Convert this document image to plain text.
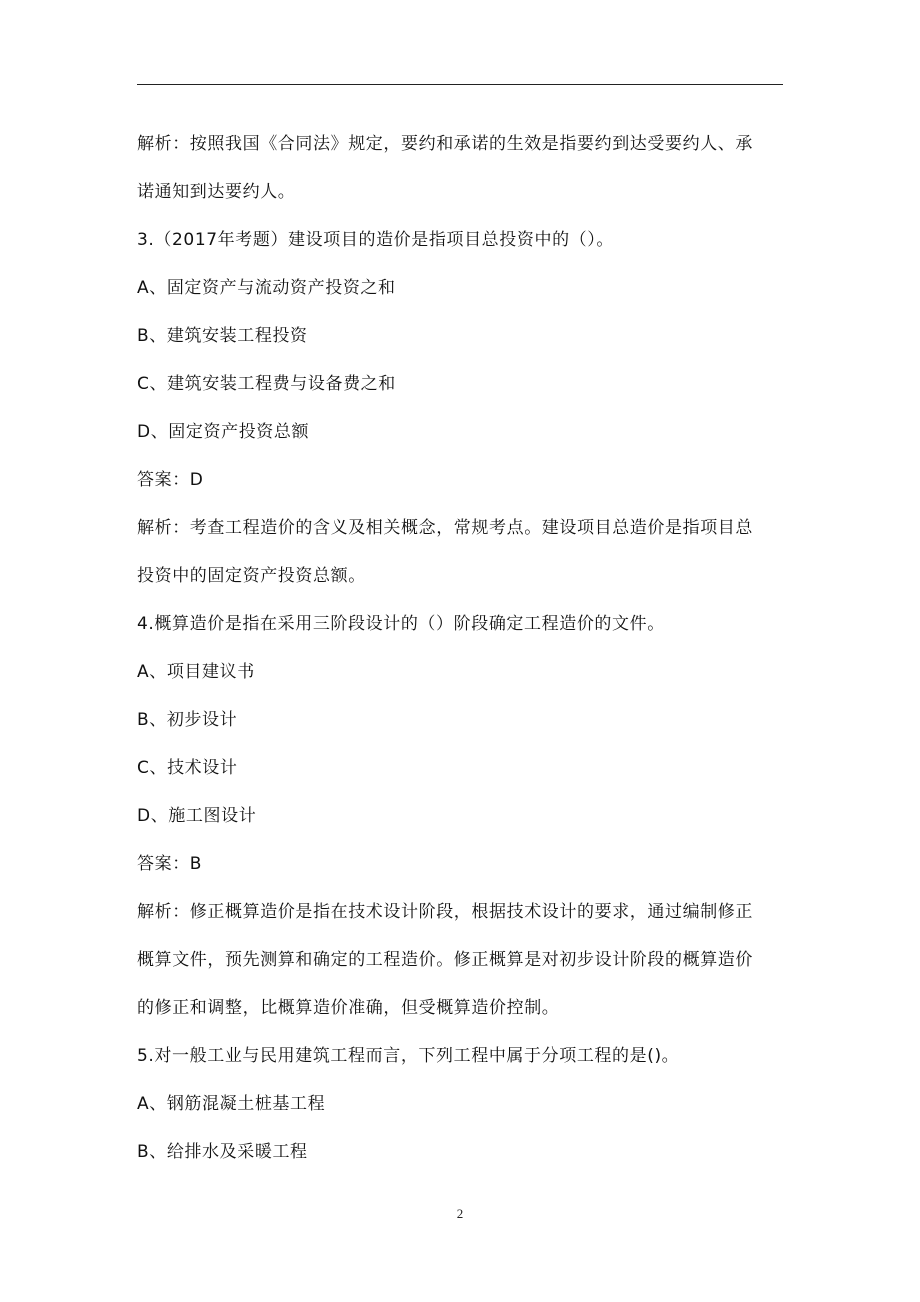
解析：按照我国《合同法》规定，要约和承诺的生效是指要约到达受要约人、承
诺通知到达要约人。
3.（2017年考题）建设项目的造价是指项目总投资中的（）。
A、固定资产与流动资产投资之和
B、建筑安装工程投资
C、建筑安装工程费与设备费之和
D、固定资产投资总额
答案：D
解析：考查工程造价的含义及相关概念，常规考点。建设项目总造价是指项目总
投资中的固定资产投资总额。
4.概算造价是指在采用三阶段设计的（）阶段确定工程造价的文件。
A、项目建议书
B、初步设计
C、技术设计
D、施工图设计
答案：B
解析：修正概算造价是指在技术设计阶段，根据技术设计的要求，通过编制修正
概算文件，预先测算和确定的工程造价。修正概算是对初步设计阶段的概算造价
的修正和调整，比概算造价准确，但受概算造价控制。
5.对一般工业与民用建筑工程而言，下列工程中属于分项工程的是()。
A、钢筋混凝土桩基工程
B、给排水及采暖工程
2
